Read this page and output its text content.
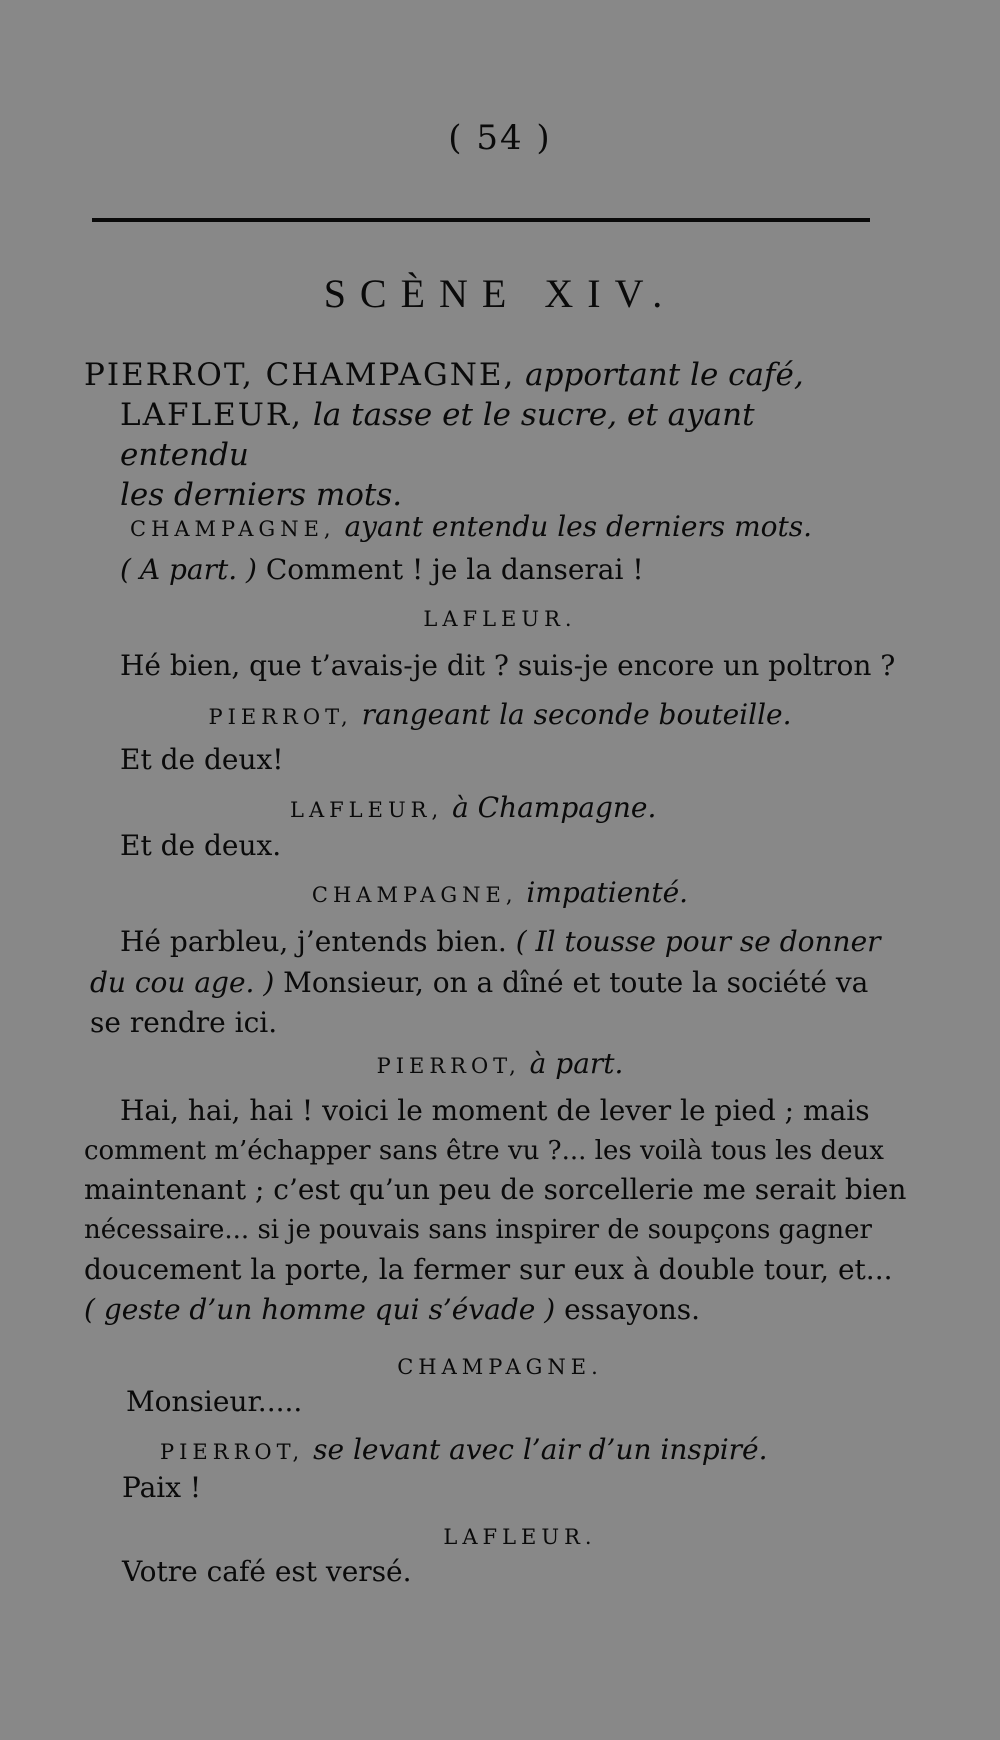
( 54 )
SCÈNE XIV.
PIERROT, CHAMPAGNE, apportant le café,
LAFLEUR, la tasse et le sucre, et ayant entendu
les derniers mots.
CHAMPAGNE, ayant entendu les derniers mots.
( A part. ) Comment ! je la danserai !
LAFLEUR.
Hé bien, que t’avais-je dit ? suis-je encore un poltron ?
PIERROT, rangeant la seconde bouteille.
Et de deux!
LAFLEUR, à Champagne.
Et de deux.
CHAMPAGNE, impatienté.
Hé parbleu, j’entends bien. ( Il tousse pour se donner
du cou age. ) Monsieur, on a dîné et toute la société va
se rendre ici.
PIERROT, à part.
Hai, hai, hai ! voici le moment de lever le pied ; mais
comment m’échapper sans être vu ?... les voilà tous les deux
maintenant ; c’est qu’un peu de sorcellerie me serait bien
nécessaire... si je pouvais sans inspirer de soupçons gagner
doucement la porte, la fermer sur eux à double tour, et...
( geste d’un homme qui s’évade ) essayons.
CHAMPAGNE.
Monsieur.....
PIERROT, se levant avec l’air d’un inspiré.
Paix !
LAFLEUR.
Votre café est versé.
